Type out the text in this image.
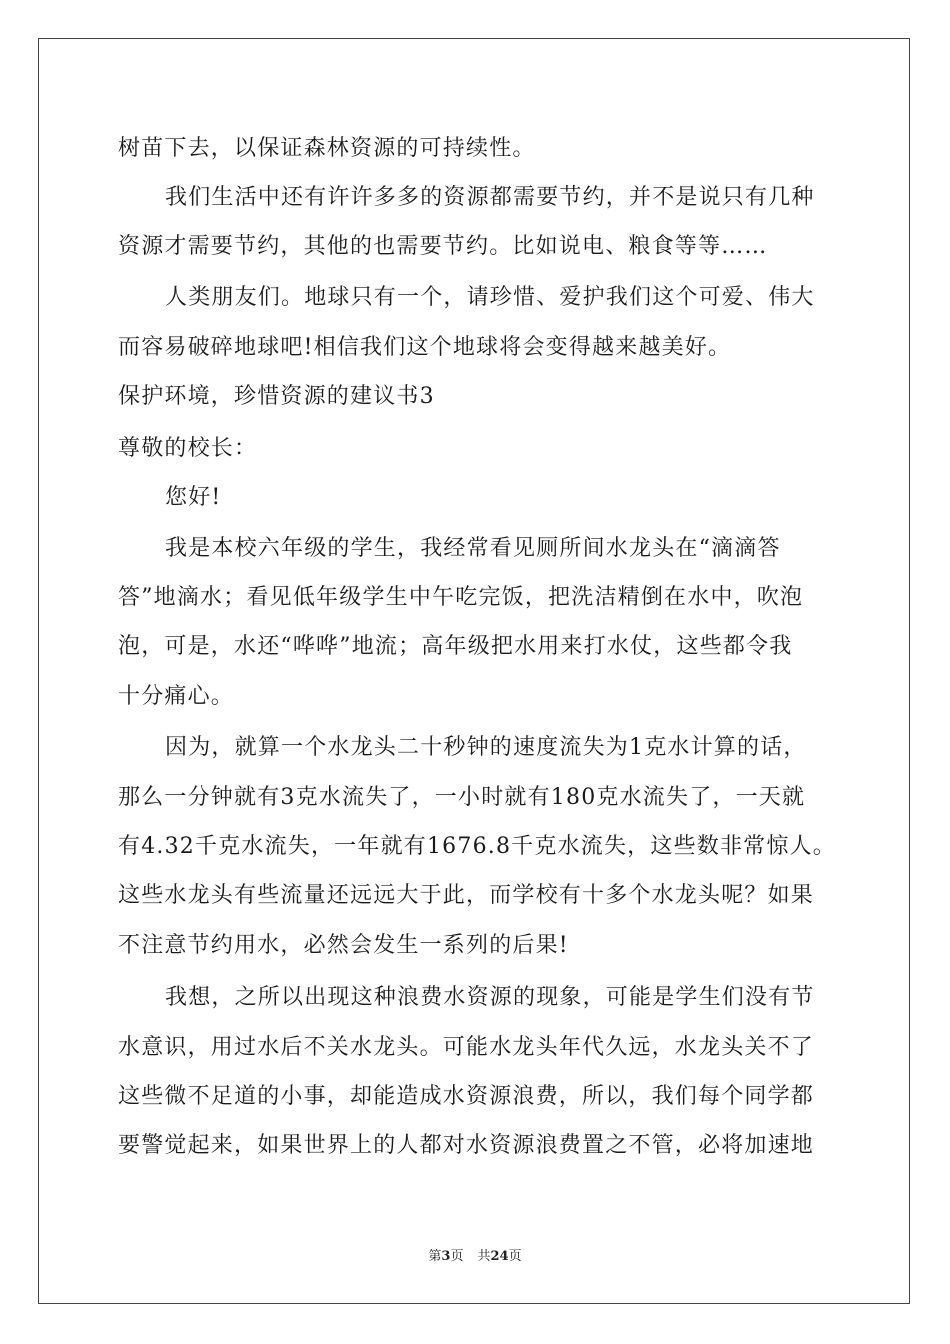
树苗下去，以保证森林资源的可持续性。
我们生活中还有许许多多的资源都需要节约，并不是说只有几种
资源才需要节约，其他的也需要节约。比如说电、粮食等等……
人类朋友们。地球只有一个，请珍惜、爱护我们这个可爱、伟大
而容易破碎地球吧!相信我们这个地球将会变得越来越美好。
保护环境，珍惜资源的建议书3
尊敬的校长：
您好!
我是本校六年级的学生，我经常看见厕所间水龙头在“滴滴答
答”地滴水；看见低年级学生中午吃完饭，把洗洁精倒在水中，吹泡
泡，可是，水还“哗哗”地流；高年级把水用来打水仗，这些都令我
十分痛心。
因为，就算一个水龙头二十秒钟的速度流失为1克水计算的话，
那么一分钟就有3克水流失了，一小时就有180克水流失了，一天就
有4.32千克水流失，一年就有1676.8千克水流失，这些数非常惊人。
这些水龙头有些流量还远远大于此，而学校有十多个水龙头呢？如果
不注意节约用水，必然会发生一系列的后果!
我想，之所以出现这种浪费水资源的现象，可能是学生们没有节
水意识，用过水后不关水龙头。可能水龙头年代久远，水龙头关不了
这些微不足道的小事，却能造成水资源浪费，所以，我们每个同学都
要警觉起来，如果世界上的人都对水资源浪费置之不管，必将加速地
第3页 共24页
